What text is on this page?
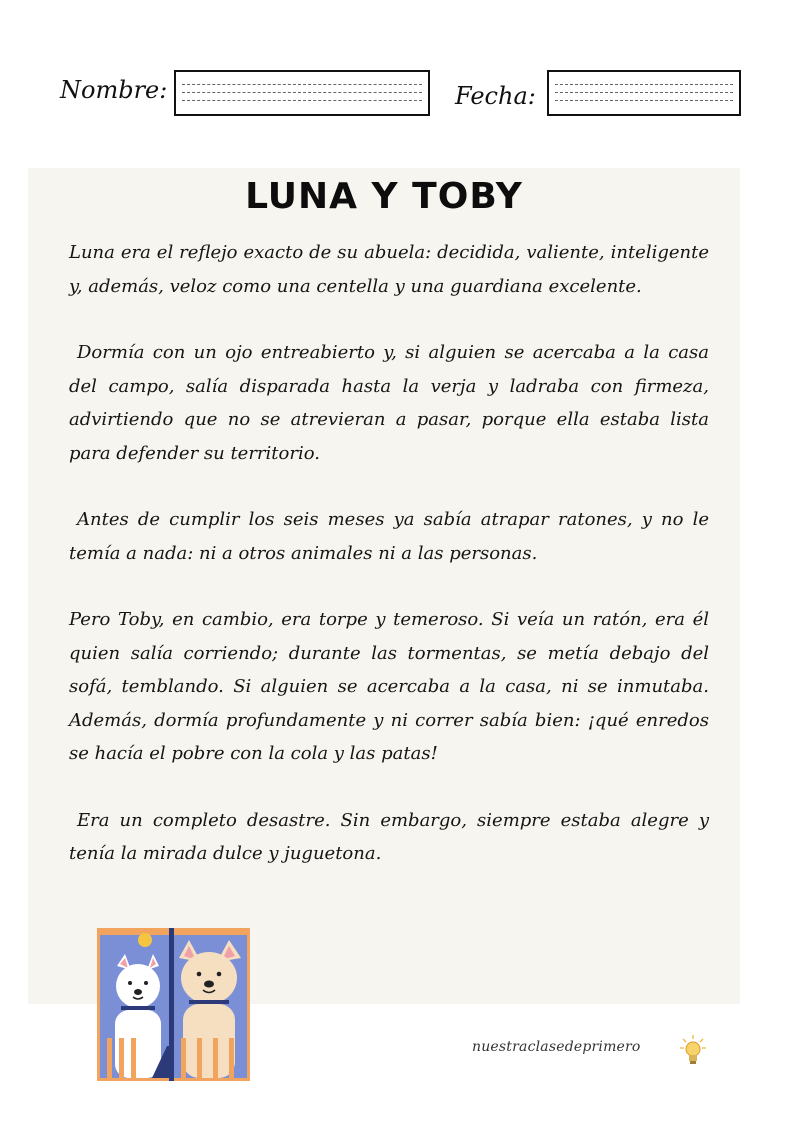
Nombre:	Fecha:
LUNA Y TOBY

Luna era el reflejo exacto de su abuela: decidida, valiente, inteligente y, además, veloz como una centella y una guardiana excelente.

Dormía con un ojo entreabierto y, si alguien se acercaba a la casa del campo, salía disparada hasta la verja y ladraba con firmeza, advirtiendo que no se atrevieran a pasar, porque ella estaba lista para defender su territorio.

Antes de cumplir los seis meses ya sabía atrapar ratones, y no le temía a nada: ni a otros animales ni a las personas.

Pero Toby, en cambio, era torpe y temeroso. Si veía un ratón, era él quien salía corriendo; durante las tormentas, se metía debajo del sofá, temblando. Si alguien se acercaba a la casa, ni se inmutaba. Además, dormía profundamente y ni correr sabía bien: ¡qué enredos se hacía el pobre con la cola y las patas!

Era un completo desastre. Sin embargo, siempre estaba alegre y tenía la mirada dulce y juguetona.

nuestraclasedeprimero
